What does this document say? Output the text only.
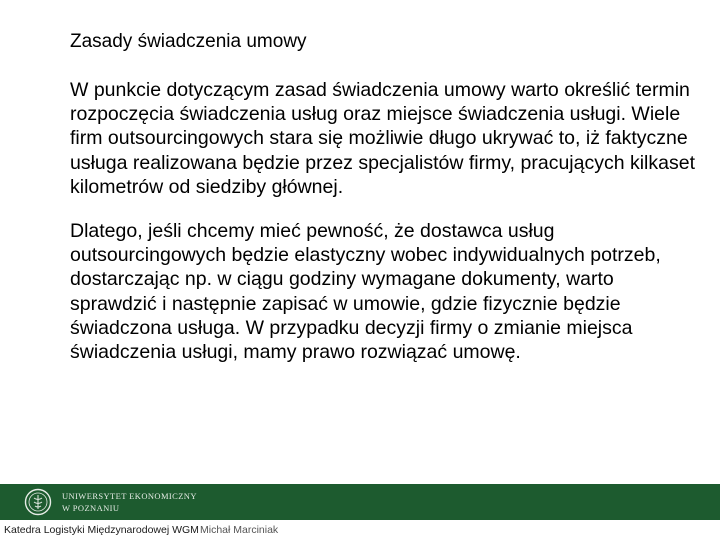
Zasady świadczenia umowy

W punkcie dotyczącym zasad świadczenia umowy warto określić termin rozpoczęcia świadczenia usług oraz miejsce świadczenia usługi. Wiele firm outsourcingowych stara się możliwie długo ukrywać to, iż faktyczne usługa realizowana będzie przez specjalistów firmy, pracujących kilkaset kilometrów od siedziby głównej.

Dlatego, jeśli chcemy mieć pewność, że dostawca usług outsourcingowych będzie elastyczny wobec indywidualnych potrzeb, dostarczając np. w ciągu godziny wymagane dokumenty, warto sprawdzić i następnie zapisać w umowie, gdzie fizycznie będzie świadczona usługa. W przypadku decyzji firmy o zmianie miejsca świadczenia usługi, mamy prawo rozwiązać umowę.

UNIWERSYTET EKONOMICZNY
W POZNANIU
Katedra Logistyki Międzynarodowej WGM Michał Marciniak
